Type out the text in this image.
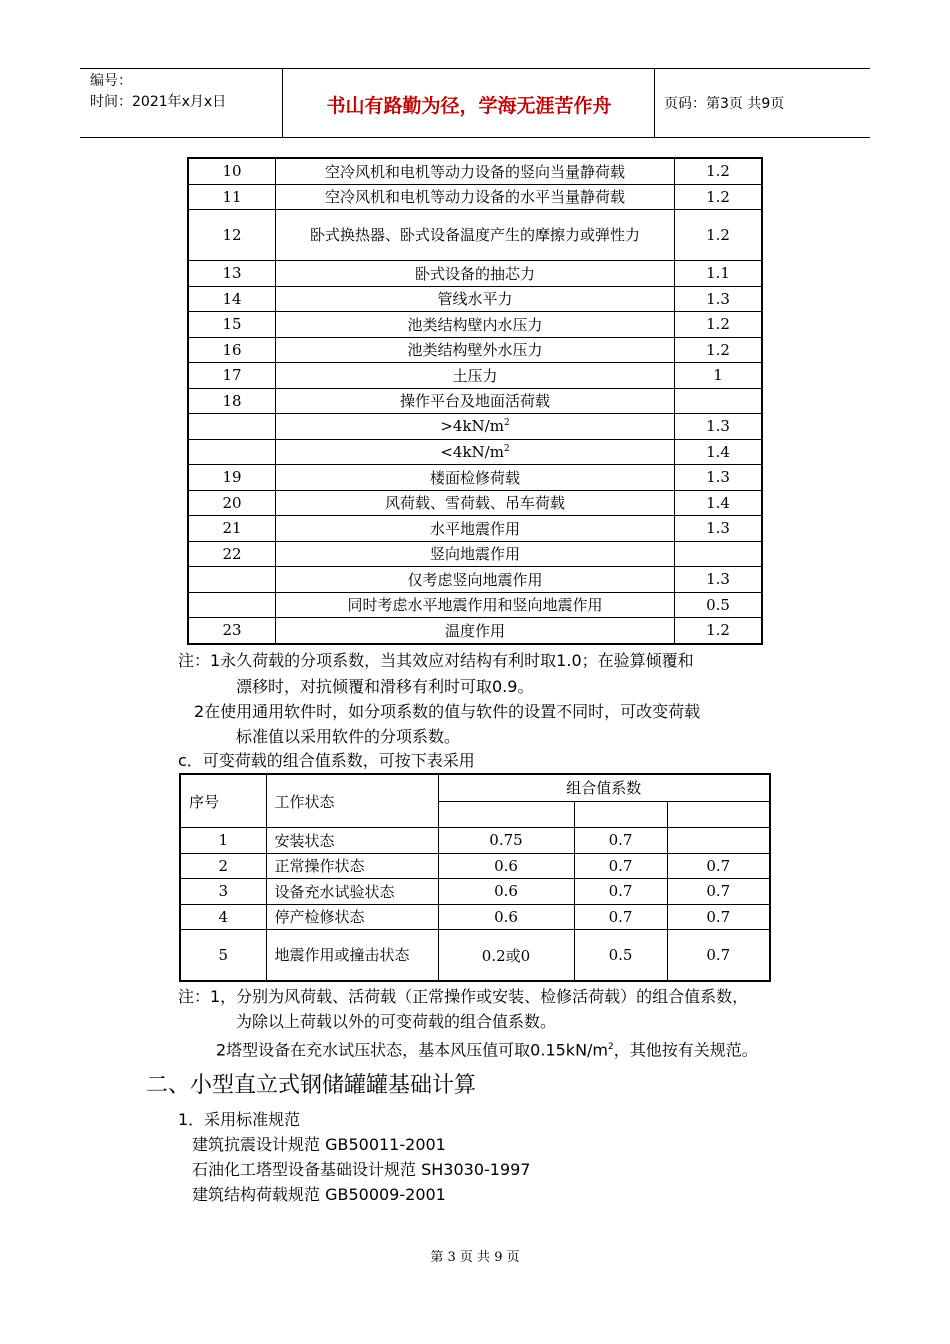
编号：
时间：2021年x月x日	书山有路勤为径，学海无涯苦作舟	页码：第3页 共9页
10	空冷风机和电机等动力设备的竖向当量静荷载	1.2
11	空冷风机和电机等动力设备的水平当量静荷载	1.2
12	卧式换热器、卧式设备温度产生的摩擦力或弹性力	1.2
13	卧式设备的抽芯力	1.1
14	管线水平力	1.3
15	池类结构壁内水压力	1.2
16	池类结构壁外水压力	1.2
17	土压力	1
18	操作平台及地面活荷载	
	$>4kN/m^2$	1.3
	$<4kN/m^2$	1.4
19	楼面检修荷载	1.3
20	风荷载、雪荷载、吊车荷载	1.4
21	水平地震作用	1.3
22	竖向地震作用	
	仅考虑竖向地震作用	1.3
	同时考虑水平地震作用和竖向地震作用	0.5
23	温度作用	1.2
注：1永久荷载的分项系数，当其效应对结构有利时取1.0；在验算倾覆和
漂移时，对抗倾覆和滑移有利时可取0.9。
2在使用通用软件时，如分项系数的值与软件的设置不同时，可改变荷载
标准值以采用软件的分项系数。
c．可变荷载的组合值系数，可按下表采用
序号	工作状态	组合值系数		

1	安装状态	0.75	0.7	
2	正常操作状态	0.6	0.7	0.7
3	设备充水试验状态	0.6	0.7	0.7
4	停产检修状态	0.6	0.7	0.7
5	地震作用或撞击状态	0.2或0	0.5	0.7
注：1，分别为风荷载、活荷载（正常操作或安装、检修活荷载）的组合值系数，
为除以上荷载以外的可变荷载的组合值系数。
2塔型设备在充水试压状态，基本风压值可取$0.15kN/m^2$，其他按有关规范。
二、小型直立式钢储罐罐基础计算
1．采用标准规范
建筑抗震设计规范 GB50011-2001
石油化工塔型设备基础设计规范 SH3030-1997
建筑结构荷载规范 GB50009-2001
第 3 页 共 9 页
